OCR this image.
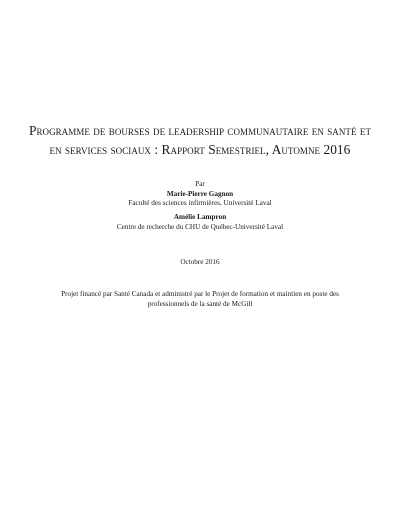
Programme de bourses de leadership communautaire en santé et
en services sociaux : Rapport Semestriel, Automne 2016
Par
Marie-Pierre Gagnon
Faculté des sciences infirmières, Université Laval
Amélie Lampron
Centre de recherche du CHU de Québec-Université Laval
Octobre 2016
Projet financé par Santé Canada et administré par le Projet de formation et maintien en poste des
professionnels de la santé de McGill
